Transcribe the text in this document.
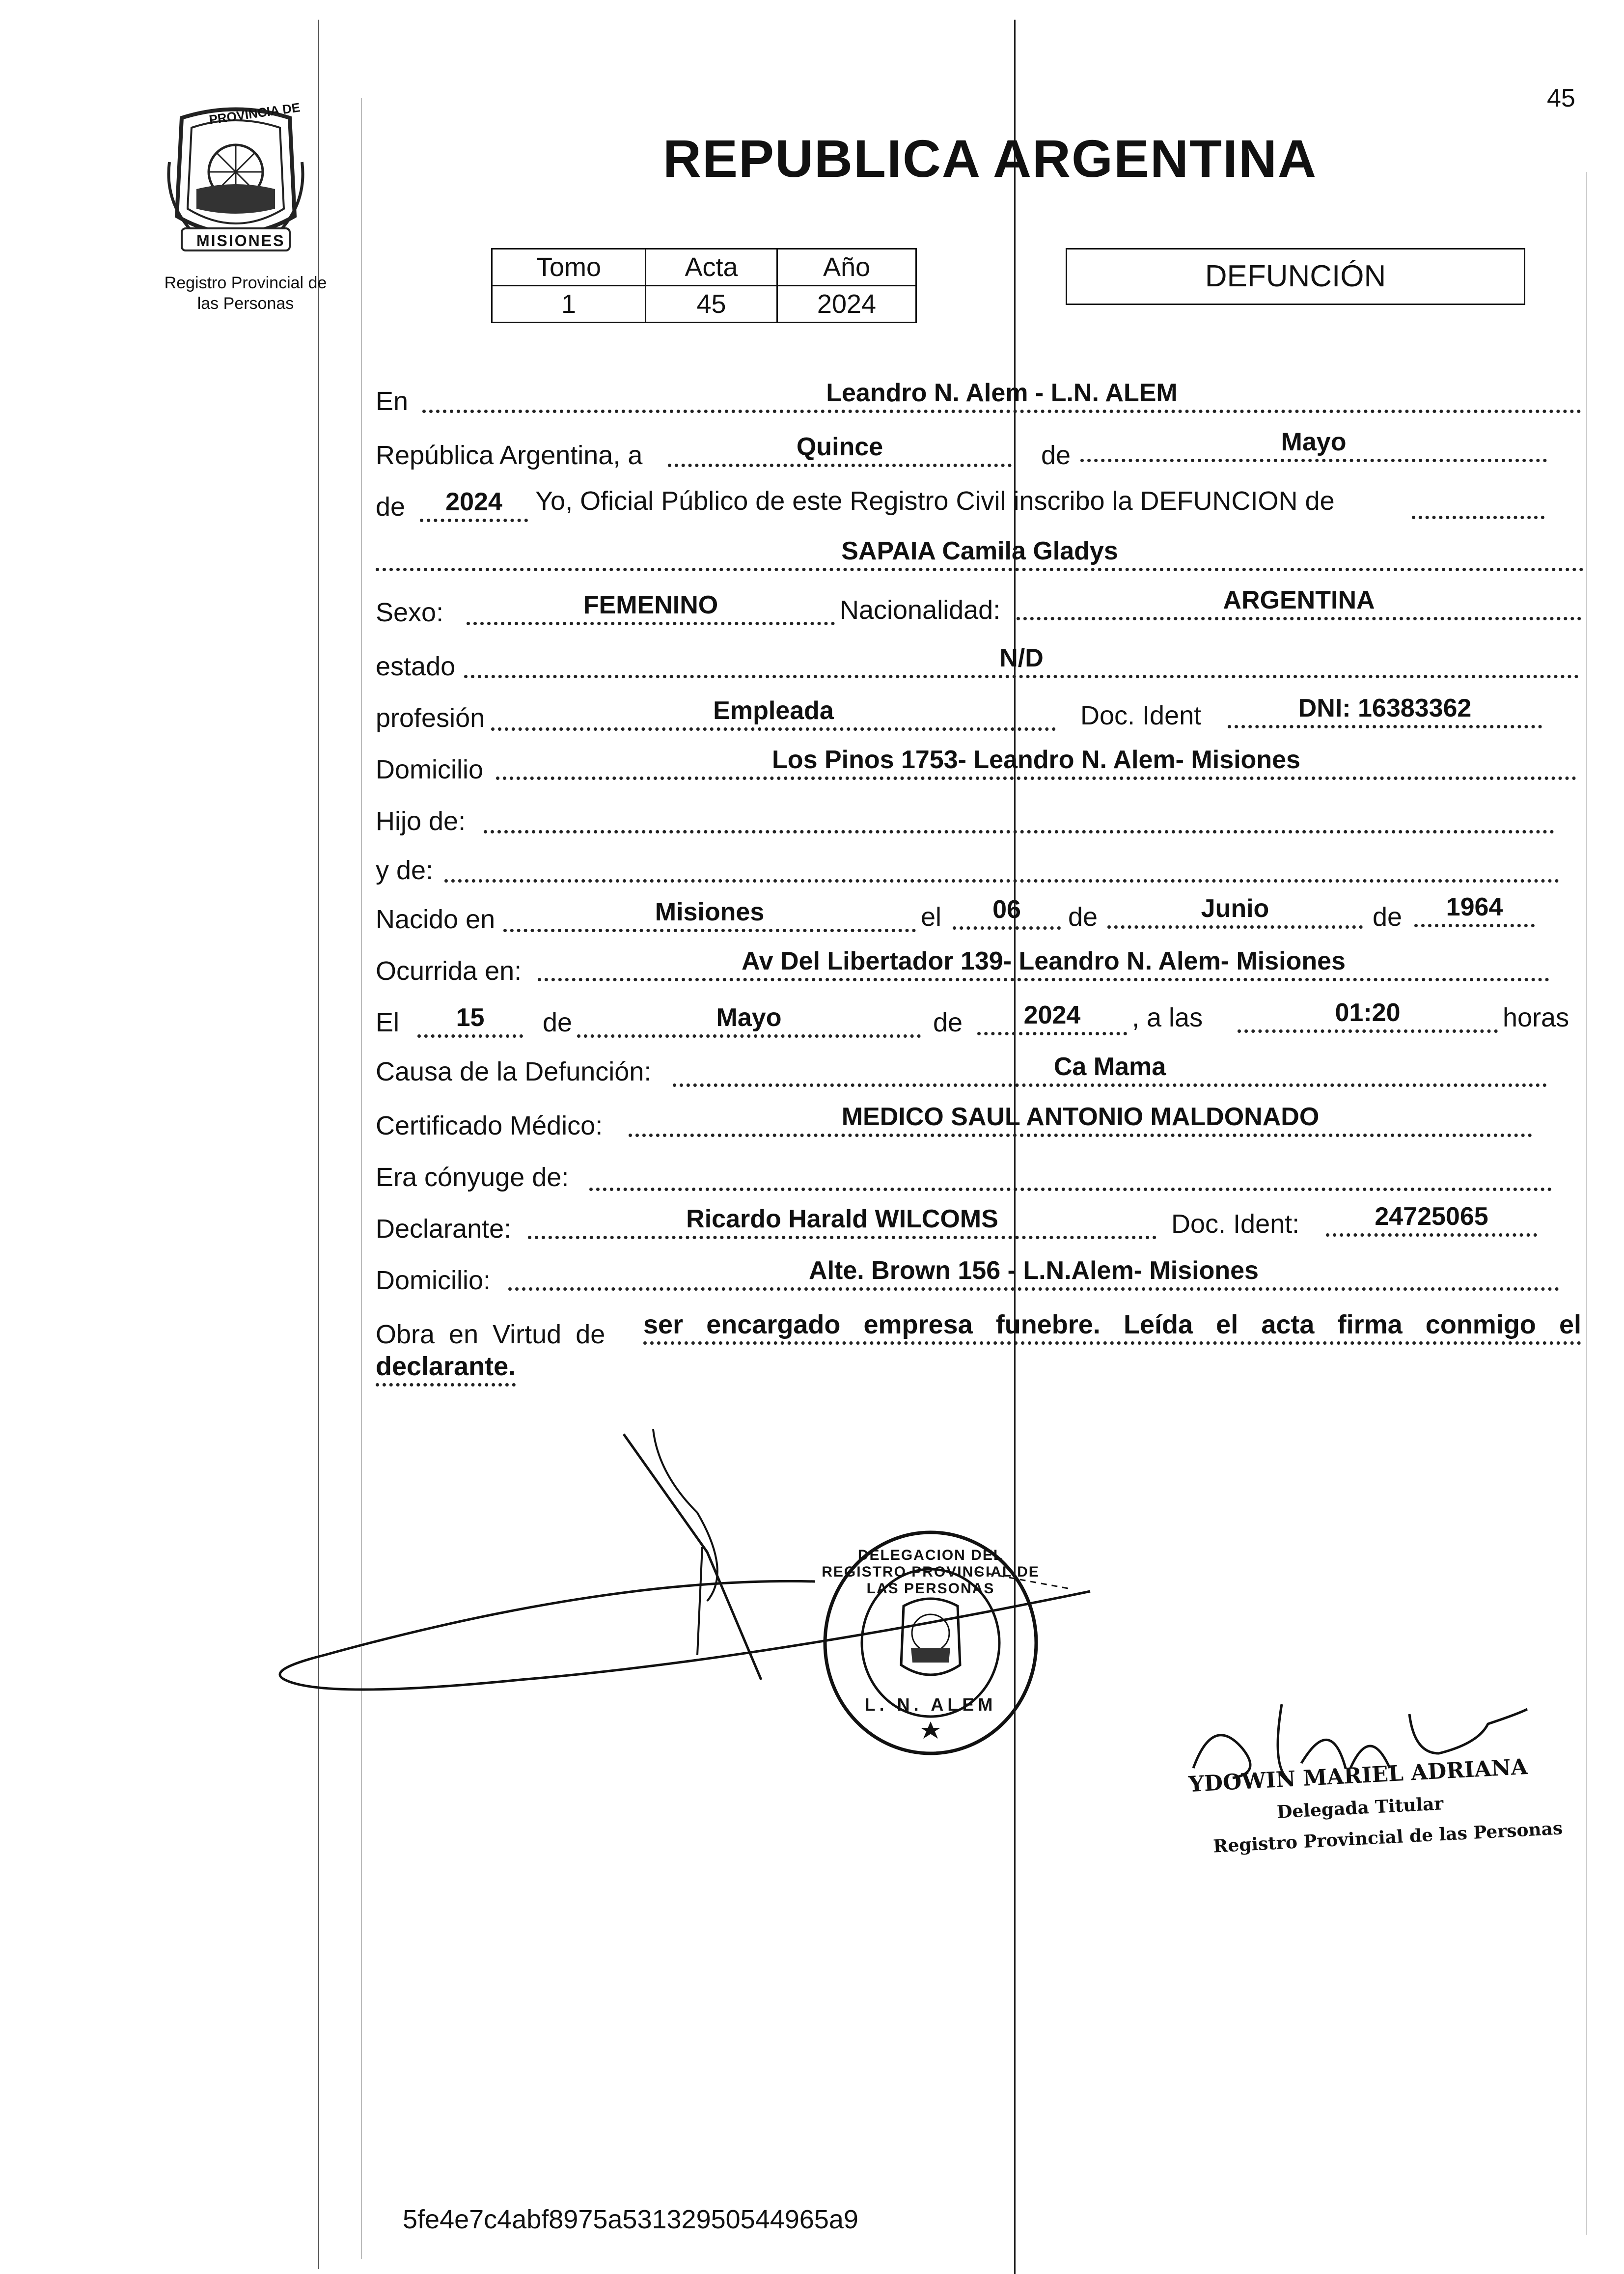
45
PROVINCIA DE
MISIONES
Registro Provincial de
las Personas
REPUBLICA ARGENTINA
Tomo	Acta	Año
1	45	2024
DEFUNCIÓN
En	Leandro N. Alem - L.N. ALEM
República Argentina, a	Quince	de	Mayo
de	2024	Yo, Oficial Público de este Registro Civil inscribo la DEFUNCION de
SAPAIA Camila Gladys
Sexo:	FEMENINO	Nacionalidad:	ARGENTINA
estado	N/D
profesión	Empleada	Doc. Ident	DNI: 16383362
Domicilio	Los Pinos 1753- Leandro N. Alem- Misiones
Hijo de:
y de:
Nacido en	Misiones	el	06	de	Junio	de	1964
Ocurrida en:	Av Del Libertador 139- Leandro N. Alem- Misiones
El	15	de	Mayo	de	2024	, a las	01:20	horas
Causa de la Defunción:	Ca Mama
Certificado Médico:	MEDICO SAUL ANTONIO MALDONADO
Era cónyuge de:
Declarante:	Ricardo Harald WILCOMS	Doc. Ident:	24725065
Domicilio:	Alte. Brown 156 - L.N.Alem- Misiones
Obra en Virtud de ser encargado empresa funebre. Leída el acta firma conmigo el
declarante.
DELEGACION DEL REGISTRO PROVINCIAL DE LAS PERSONAS
L. N. ALEM
YDOWIN MARIEL ADRIANA
Delegada Titular
Registro Provincial de las Personas
5fe4e7c4abf8975a53132950544965a9
